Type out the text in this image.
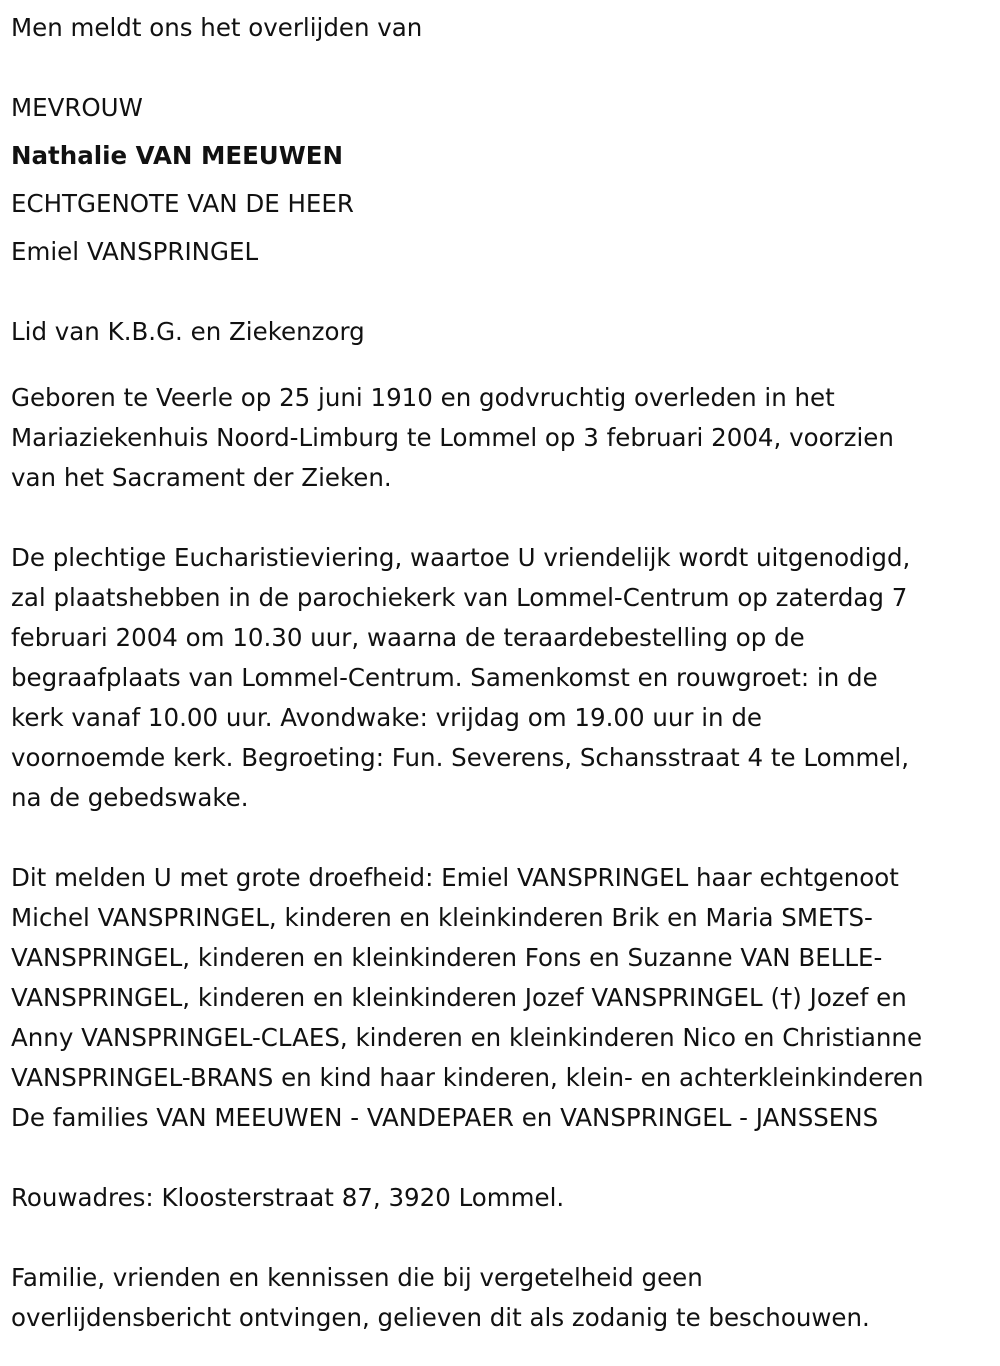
Men meldt ons het overlijden van

MEVROUW

Nathalie VAN MEEUWEN

ECHTGENOTE VAN DE HEER

Emiel VANSPRINGEL

Lid van K.B.G. en Ziekenzorg

Geboren te Veerle op 25 juni 1910 en godvruchtig overleden in het
Mariaziekenhuis Noord-Limburg te Lommel op 3 februari 2004, voorzien
van het Sacrament der Zieken.

De plechtige Eucharistieviering, waartoe U vriendelijk wordt uitgenodigd,
zal plaatshebben in de parochiekerk van Lommel-Centrum op zaterdag 7
februari 2004 om 10.30 uur, waarna de teraardebestelling op de
begraafplaats van Lommel-Centrum. Samenkomst en rouwgroet: in de
kerk vanaf 10.00 uur. Avondwake: vrijdag om 19.00 uur in de
voornoemde kerk. Begroeting: Fun. Severens, Schansstraat 4 te Lommel,
na de gebedswake.

Dit melden U met grote droefheid: Emiel VANSPRINGEL haar echtgenoot
Michel VANSPRINGEL, kinderen en kleinkinderen Brik en Maria SMETS-
VANSPRINGEL, kinderen en kleinkinderen Fons en Suzanne VAN BELLE-
VANSPRINGEL, kinderen en kleinkinderen Jozef VANSPRINGEL (†) Jozef en
Anny VANSPRINGEL-CLAES, kinderen en kleinkinderen Nico en Christianne
VANSPRINGEL-BRANS en kind haar kinderen, klein- en achterkleinkinderen
De families VAN MEEUWEN - VANDEPAER en VANSPRINGEL - JANSSENS

Rouwadres: Kloosterstraat 87, 3920 Lommel.

Familie, vrienden en kennissen die bij vergetelheid geen
overlijdensbericht ontvingen, gelieven dit als zodanig te beschouwen.
